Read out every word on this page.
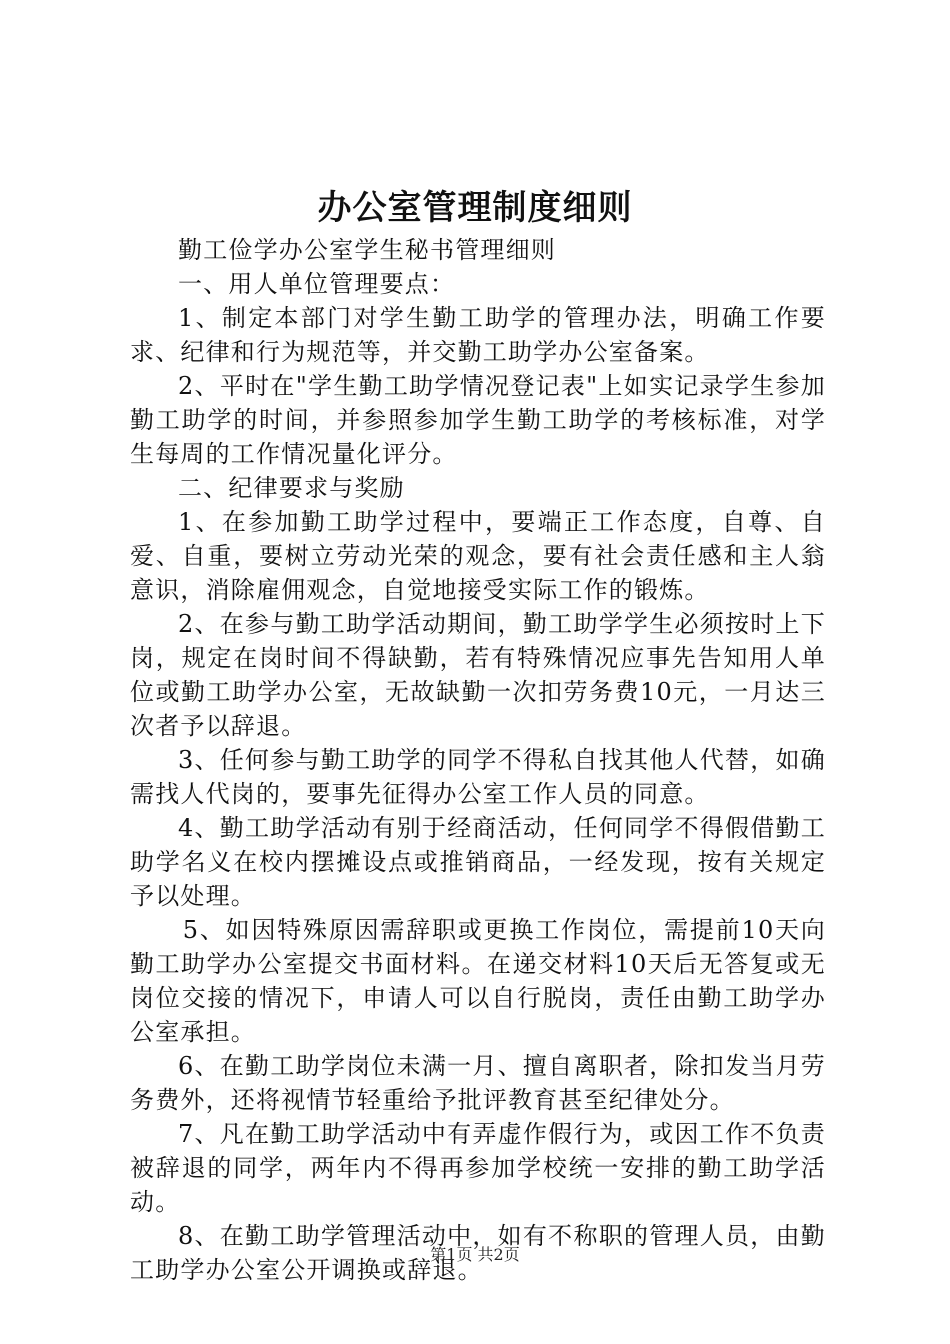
办公室管理制度细则

勤工俭学办公室学生秘书管理细则

一、用人单位管理要点：

1、制定本部门对学生勤工助学的管理办法，明确工作要求、纪律和行为规范等，并交勤工助学办公室备案。

2、平时在"学生勤工助学情况登记表"上如实记录学生参加勤工助学的时间，并参照参加学生勤工助学的考核标准，对学生每周的工作情况量化评分。

二、纪律要求与奖励

1、在参加勤工助学过程中，要端正工作态度，自尊、自爱、自重，要树立劳动光荣的观念，要有社会责任感和主人翁意识，消除雇佣观念，自觉地接受实际工作的锻炼。

2、在参与勤工助学活动期间，勤工助学学生必须按时上下岗，规定在岗时间不得缺勤，若有特殊情况应事先告知用人单位或勤工助学办公室，无故缺勤一次扣劳务费10元，一月达三次者予以辞退。

3、任何参与勤工助学的同学不得私自找其他人代替，如确需找人代岗的，要事先征得办公室工作人员的同意。

4、勤工助学活动有别于经商活动，任何同学不得假借勤工助学名义在校内摆摊设点或推销商品，一经发现，按有关规定予以处理。

5、如因特殊原因需辞职或更换工作岗位，需提前10天向勤工助学办公室提交书面材料。在递交材料10天后无答复或无岗位交接的情况下，申请人可以自行脱岗，责任由勤工助学办公室承担。

6、在勤工助学岗位未满一月、擅自离职者，除扣发当月劳务费外，还将视情节轻重给予批评教育甚至纪律处分。

7、凡在勤工助学活动中有弄虚作假行为，或因工作不负责被辞退的同学，两年内不得再参加学校统一安排的勤工助学活动。

8、在勤工助学管理活动中，如有不称职的管理人员，由勤工助学办公室公开调换或辞退。

第1页 共2页
